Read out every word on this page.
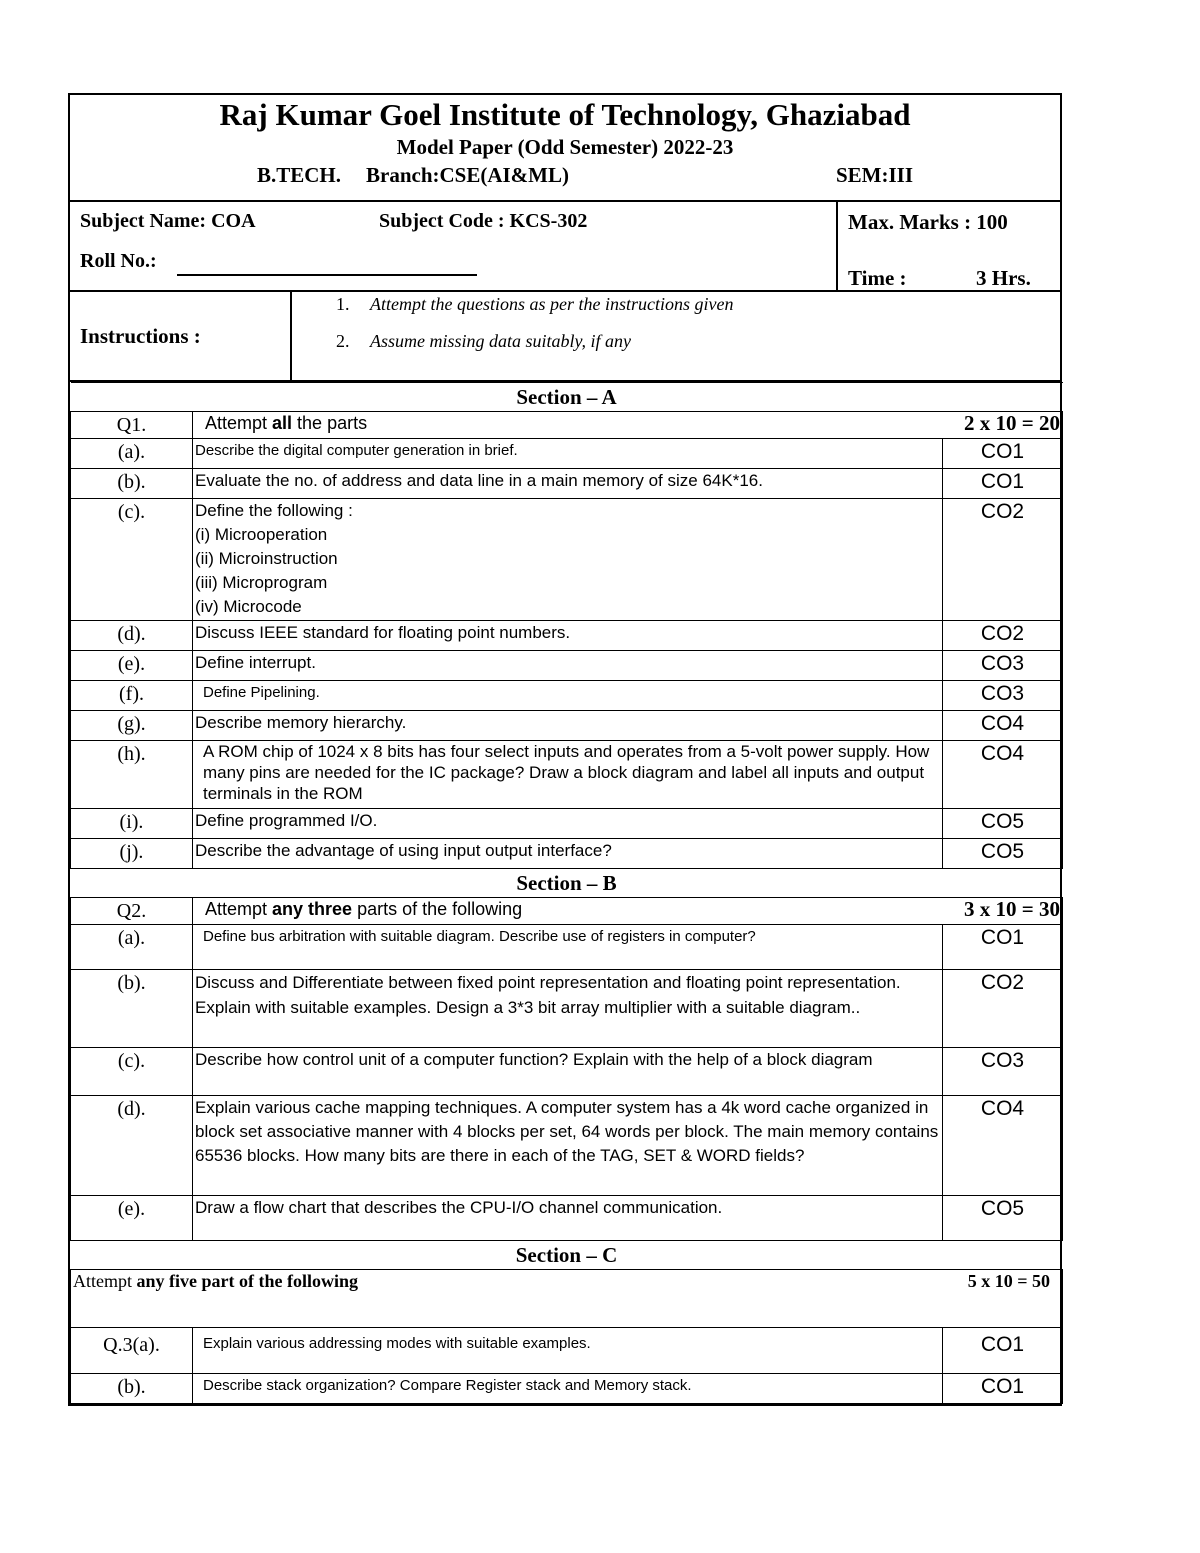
Raj Kumar Goel Institute of Technology, Ghaziabad
Model Paper (Odd Semester) 2022-23
B.TECH. Branch:CSE(AI&ML)	SEM:III
Subject Name: COA	Subject Code : KCS-302
Roll No.:
Max. Marks : 100
Time :	3 Hrs.
Instructions :
1. Attempt the questions as per the instructions given
2. Assume missing data suitably, if any
Section – A		
Q1.	Attempt all the parts 2 x 10 = 20	

(a).	Describe the digital computer generation in brief.	CO1
(b).	Evaluate the no. of address and data line in a main memory of size 64K*16.	CO1
(c).	Define the following :
(i) Microoperation
(ii) Microinstruction
(iii) Microprogram
(iv) Microcode	CO2
(d).	Discuss IEEE standard for floating point numbers.	CO2
(e).	Define interrupt.	CO3
(f).	Define Pipelining.	CO3
(g).	Describe memory hierarchy.	CO4
(h).	A ROM chip of 1024 x 8 bits has four select inputs and operates from a 5-volt power supply. How many pins are needed for the IC package? Draw a block diagram and label all inputs and output terminals in the ROM	CO4
(i).	Define programmed I/O.	CO5
(j).	Describe the advantage of using input output interface?	CO5
Section – B		
Q2.	Attempt any three parts of the following 3 x 10 = 30	

(a).	Define bus arbitration with suitable diagram. Describe use of registers in computer?	CO1
(b).	Discuss and Differentiate between fixed point representation and floating point representation. Explain with suitable examples. Design a 3*3 bit array multiplier with a suitable diagram..	CO2
(c).	Describe how control unit of a computer function? Explain with the help of a block diagram	CO3
(d).	Explain various cache mapping techniques. A computer system has a 4k word cache organized in block set associative manner with 4 blocks per set, 64 words per block. The main memory contains 65536 blocks. How many bits are there in each of the TAG, SET & WORD fields?	CO4
(e).	Draw a flow chart that describes the CPU-I/O channel communication.	CO5
Section – C		
Attempt any five part of the following 5 x 10 = 50		

Q.3(a).	Explain various addressing modes with suitable examples.	CO1
(b).	Describe stack organization? Compare Register stack and Memory stack.	CO1
